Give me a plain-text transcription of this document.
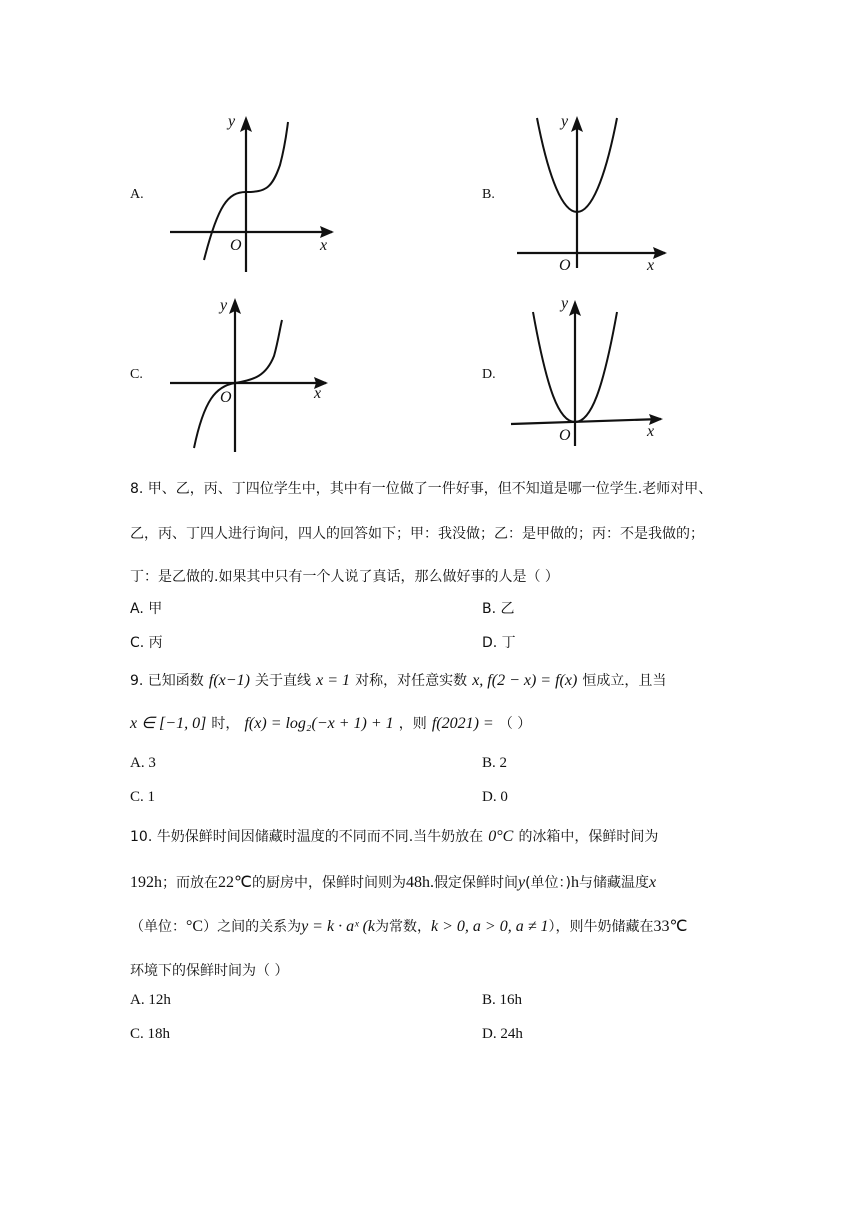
A.
y
x
O
B.
y
x
O
C.
y
x
O
D.
y
x
O
8. 甲、乙，丙、丁四位学生中，其中有一位做了一件好事，但不知道是哪一位学生.老师对甲、
乙，丙、丁四人进行询问，四人的回答如下；甲：我没做；乙：是甲做的；丙：不是我做的；
丁：是乙做的.如果其中只有一个人说了真话，那么做好事的人是（ ）
A. 甲	B. 乙
C. 丙	D. 丁
9. 已知函数 f(x−1) 关于直线 x = 1 对称，对任意实数 x, f(2 − x) = f(x) 恒成立，且当
x ∈ [−1, 0] 时， f(x) = log₂(−x + 1) + 1 ，则 f(2021) = （ ）
A. 3	B. 2
C. 1	D. 0
10. 牛奶保鲜时间因储藏时温度的不同而不同.当牛奶放在 0°C 的冰箱中，保鲜时间为
192h；而放在22℃的厨房中，保鲜时间则为48h.假定保鲜时间y(单位：)h与储藏温度x
（单位：°C）之间的关系为y = k · aˣ (k为常数，k > 0, a > 0, a ≠ 1），则牛奶储藏在33℃
环境下的保鲜时间为（ ）
A. 12h	B. 16h
C. 18h	D. 24h
